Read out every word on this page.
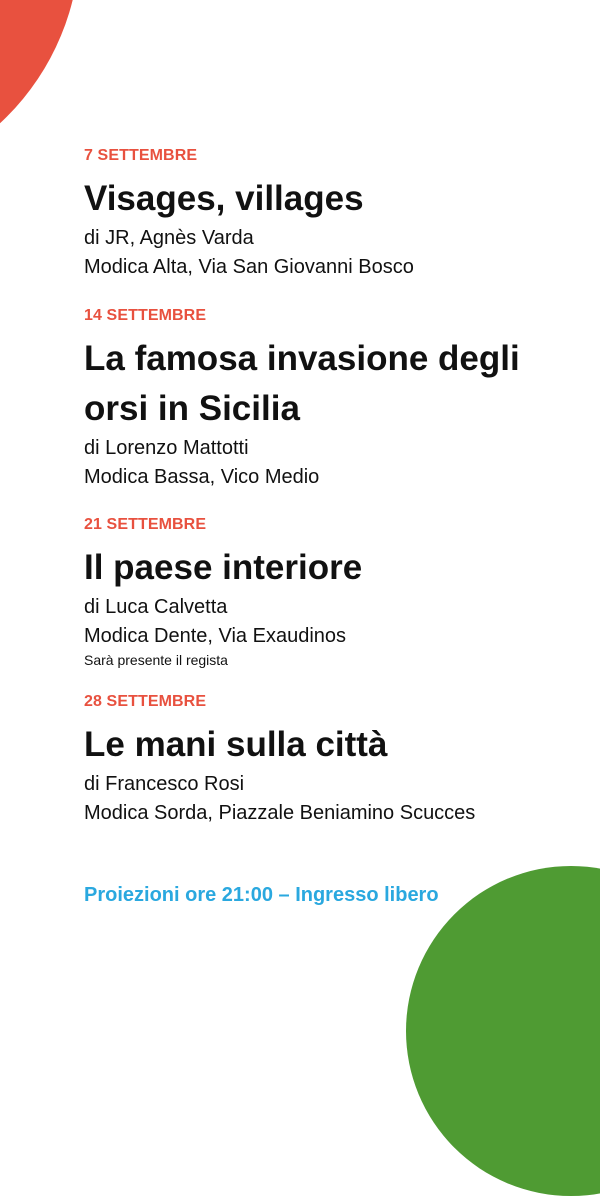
7 SETTEMBRE
Visages, villages
di JR, Agnès Varda
Modica Alta, Via San Giovanni Bosco
14 SETTEMBRE
La famosa invasione degli orsi in Sicilia
di Lorenzo Mattotti
Modica Bassa, Vico Medio
21 SETTEMBRE
Il paese interiore
di Luca Calvetta
Modica Dente, Via Exaudinos
Sarà presente il regista
28 SETTEMBRE
Le mani sulla città
di Francesco Rosi
Modica Sorda, Piazzale Beniamino Scucces
Proiezioni ore 21:00 – Ingresso libero
